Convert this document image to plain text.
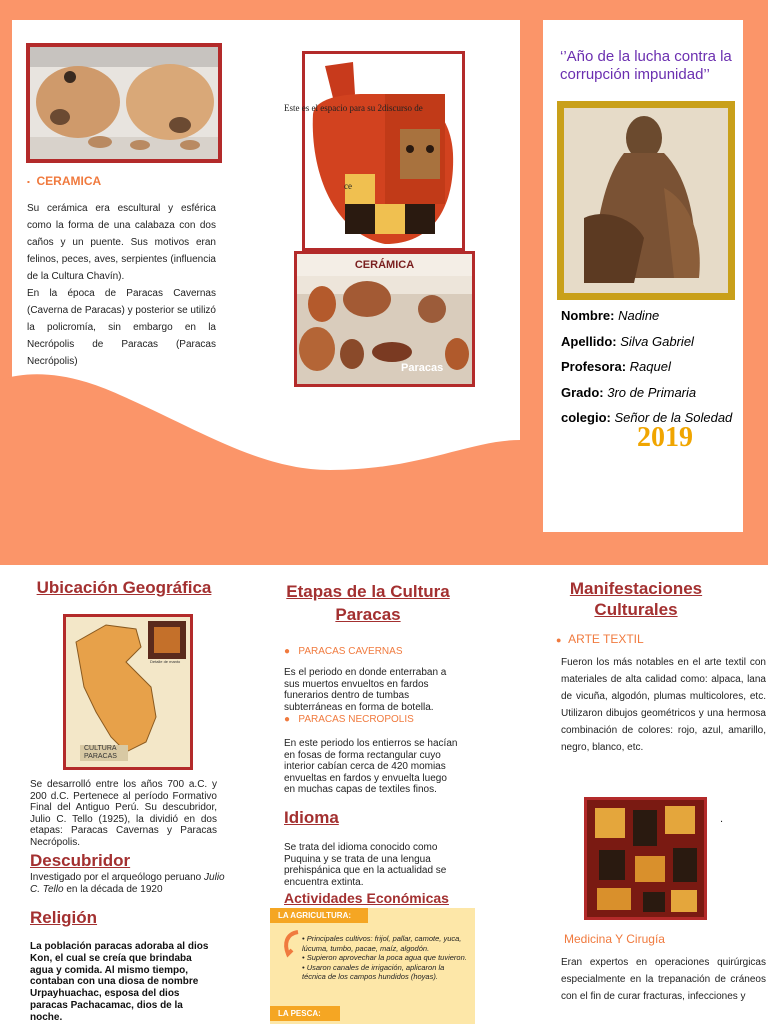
▪ CERAMICA
Su cerámica era escultural y esférica como la forma de una calabaza con dos caños y un puente. Sus motivos eran felinos, peces, aves, serpientes (influencia de la Cultura Chavín).
En la época de Paracas Cavernas (Caverna de Paracas) y posterior se utilizó la policromía, sin embargo en la Necrópolis de Paracas (Paracas Necrópolis)
Este es el espacio para su 2discurso de
ce
CERÁMICA
Paracas
‘’Año de la lucha contra la corrupción impunidad’’
Nombre: Nadine
Apellido: Silva Gabriel
Profesora: Raquel
Grado: 3ro de Primaria
colegio: Señor de la Soledad
2019
Ubicación Geográfica
CULTURA
PARACAS
Detalle de manto
Se desarrolló entre los años 700 a.C. y 200 d.C. Pertenece al período Formativo Final del Antiguo Perú. Su descubridor, Julio C. Tello (1925), la dividió en dos etapas: Paracas Cavernas y Paracas Necrópolis.
Descubridor
Investigado por el arqueólogo peruano Julio C. Tello en la década de 1920
Religión
La población paracas adoraba al dios Kon, el cual se creía que brindaba agua y comida. Al mismo tiempo, contaban con una diosa de nombre Urpayhuachac, esposa del dios paracas Pachacamac, dios de la noche.
Etapas de la Cultura Paracas
● PARACAS CAVERNAS
Es el periodo en donde enterraban a sus muertos envueltos en fardos funerarios dentro de tumbas subterráneas en forma de botella.
● PARACAS NECROPOLIS
En este periodo los entierros se hacían en fosas de forma rectangular cuyo interior cabían cerca de 420 momias envueltas en fardos y envuelta luego en muchas capas de textiles finos.
Idioma
Se trata del idioma conocido como Puquina y se trata de una lengua prehispánica que en la actualidad se encuentra extinta.
Actividades Económicas
LA AGRICULTURA:
• Principales cultivos: frijol, pallar, camote, yuca, lúcuma, tumbo, pacae, maíz, algodón.
• Supieron aprovechar la poca agua que tuvieron.
• Usaron canales de irrigación, aplicaron la técnica de los campos hundidos (hoyas).
LA PESCA:
Manifestaciones Culturales
● ARTE TEXTIL
Fueron los más notables en el arte textil con materiales de alta calidad como: alpaca, lana de vicuña, algodón, plumas multicolores, etc. Utilizaron dibujos geométricos y una hermosa combinación de colores: rojo, azul, amarillo, negro, blanco, etc.
.
Medicina Y Cirugía
Eran expertos en operaciones quirúrgicas especialmente en la trepanación de cráneos con el fin de curar fracturas, infecciones y
